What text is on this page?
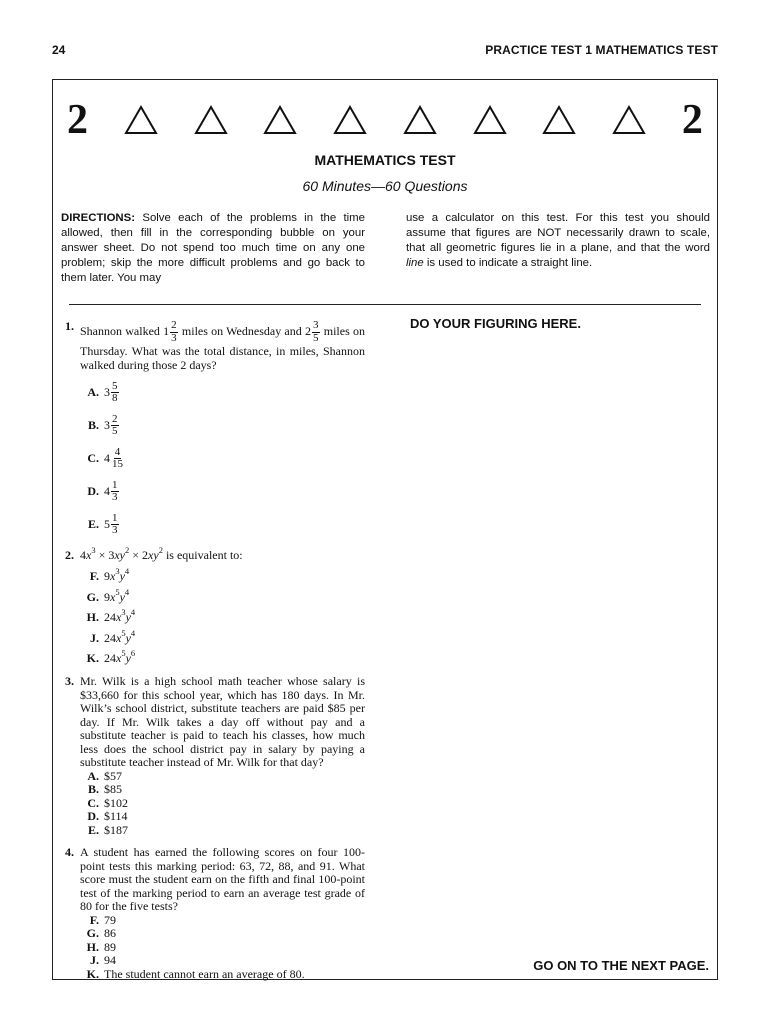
24	PRACTICE TEST 1 MATHEMATICS TEST
2	2
MATHEMATICS TEST
60 Minutes—60 Questions
DIRECTIONS: Solve each of the problems in the time allowed, then fill in the corresponding bubble on your answer sheet. Do not spend too much time on any one problem; skip the more difficult problems and go back to them later. You may
use a calculator on this test. For this test you should assume that figures are NOT necessarily drawn to scale, that all geometric figures lie in a plane, and that the word line is used to indicate a straight line.
DO YOUR FIGURING HERE.
1. Shannon walked $1 \frac{2}{3}$ miles on Wednesday and $2 \frac{3}{5}$ miles on Thursday. What was the total distance, in miles, Shannon walked during those 2 days?
A. $3 \frac{5}{8}$
B. $3 \frac{2}{5}$
C. $4 \frac{4}{15}$
D. $4 \frac{1}{3}$
E. $5 \frac{1}{3}$
2. $4x^3 \times 3xy^2 \times 2xy^2$ is equivalent to:
F. $9x^3y^4$
G. $9x^5y^4$
H. $24x^3y^4$
J. $24x^5y^4$
K. $24x^5y^6$
3. Mr. Wilk is a high school math teacher whose salary is $33,660 for this school year, which has 180 days. In Mr. Wilk’s school district, substitute teachers are paid $85 per day. If Mr. Wilk takes a day off without pay and a substitute teacher is paid to teach his classes, how much less does the school district pay in salary by paying a substitute teacher instead of Mr. Wilk for that day?
A. $57
B. $85
C. $102
D. $114
E. $187
4. A student has earned the following scores on four 100-point tests this marking period: 63, 72, 88, and 91. What score must the student earn on the fifth and final 100-point test of the marking period to earn an average test grade of 80 for the five tests?
F. 79
G. 86
H. 89
J. 94
K. The student cannot earn an average of 80.
GO ON TO THE NEXT PAGE.
